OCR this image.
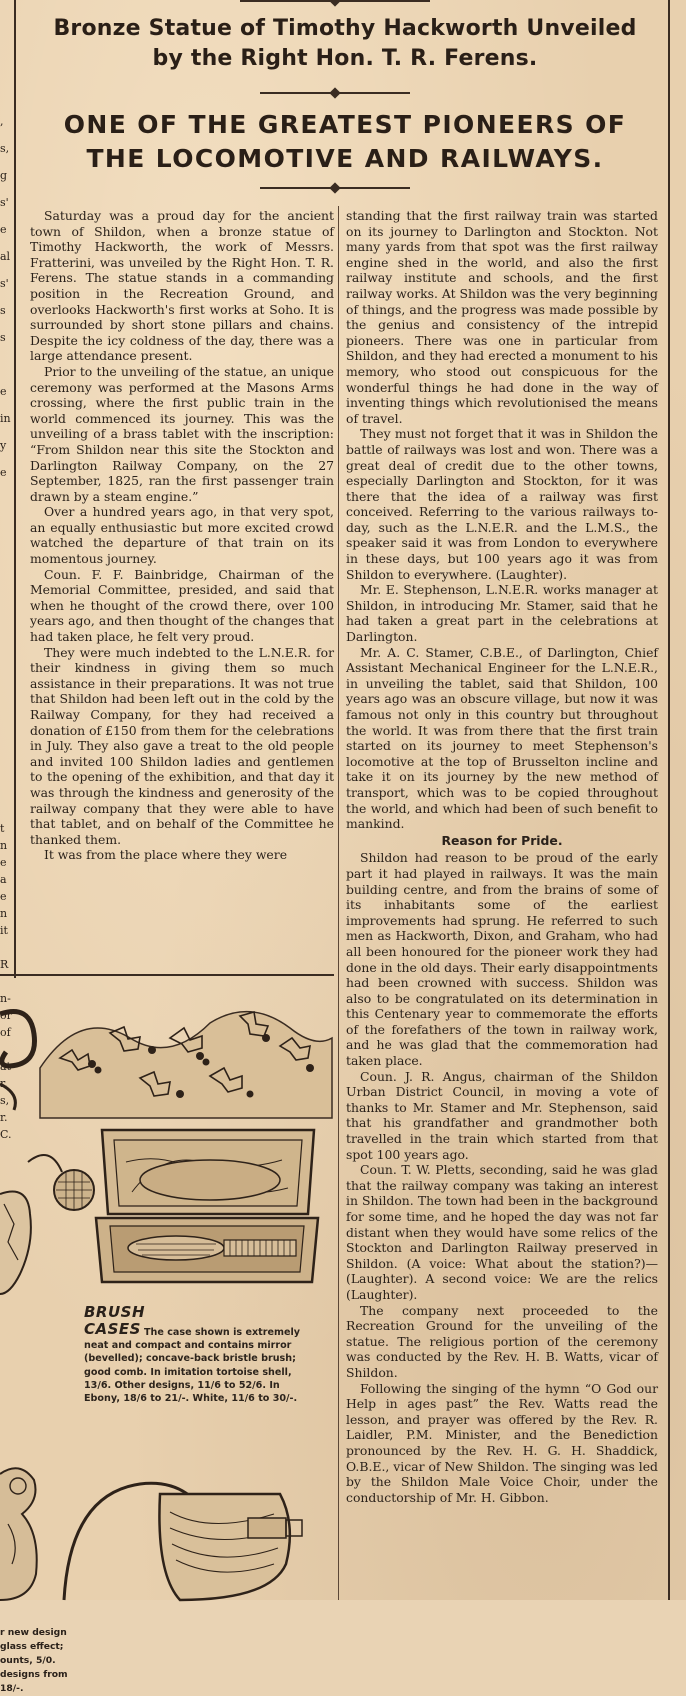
Bronze Statue of Timothy Hackworth Unveiled
by the Right Hon. T. R. Ferens.
ONE OF THE GREATEST PIONEERS OF
THE LOCOMOTIVE AND RAILWAYS.
,
s,
g
s'
e
al
s'
s
s

e
in
y
e
t
n
e
a
e
n
it

R

n-
or
of

at
r,
s,
r.
C.

Saturday was a proud day for the ancient town of Shildon, when a bronze statue of Timothy Hackworth, the work of Messrs. Fratterini, was unveiled by the Right Hon. T. R. Ferens. The statue stands in a commanding position in the Recreation Ground, and overlooks Hackworth's first works at Soho. It is surrounded by short stone pillars and chains. Despite the icy coldness of the day, there was a large attendance present.

Prior to the unveiling of the statue, an unique ceremony was performed at the Masons Arms crossing, where the first public train in the world commenced its journey. This was the unveiling of a brass tablet with the inscription: “From Shildon near this site the Stockton and Darlington Railway Company, on the 27 September, 1825, ran the first passenger train drawn by a steam engine.”

Over a hundred years ago, in that very spot, an equally enthusiastic but more excited crowd watched the departure of that train on its momentous journey.

Coun. F. F. Bainbridge, Chairman of the Memorial Committee, presided, and said that when he thought of the crowd there, over 100 years ago, and then thought of the changes that had taken place, he felt very proud.

They were much indebted to the L.N.E.R. for their kindness in giving them so much assistance in their preparations. It was not true that Shildon had been left out in the cold by the Railway Company, for they had received a donation of £150 from them for the celebrations in July. They also gave a treat to the old people and invited 100 Shildon ladies and gentlemen to the opening of the exhibition, and that day it was through the kindness and generosity of the railway company that they were able to have that tablet, and on behalf of the Committee he thanked them.

It was from the place where they were

standing that the first railway train was started on its journey to Darlington and Stockton. Not many yards from that spot was the first railway engine shed in the world, and also the first railway institute and schools, and the first railway works. At Shildon was the very beginning of things, and the progress was made possible by the genius and consistency of the intrepid pioneers. There was one in particular from Shildon, and they had erected a monument to his memory, who stood out conspicuous for the wonderful things he had done in the way of inventing things which revolutionised the means of travel.

They must not forget that it was in Shildon the battle of railways was lost and won. There was a great deal of credit due to the other towns, especially Darlington and Stockton, for it was there that the idea of a railway was first conceived. Referring to the various railways to-day, such as the L.N.E.R. and the L.M.S., the speaker said it was from London to everywhere in these days, but 100 years ago it was from Shildon to everywhere. (Laughter).

Mr. E. Stephenson, L.N.E.R. works manager at Shildon, in introducing Mr. Stamer, said that he had taken a great part in the celebrations at Darlington.

Mr. A. C. Stamer, C.B.E., of Darlington, Chief Assistant Mechanical Engineer for the L.N.E.R., in unveiling the tablet, said that Shildon, 100 years ago was an obscure village, but now it was famous not only in this country but throughout the world. It was from there that the first train started on its journey to meet Stephenson's locomotive at the top of Brusselton incline and take it on its journey by the new method of transport, which was to be copied throughout the world, and which had been of such benefit to mankind.

Reason for Pride.

Shildon had reason to be proud of the early part it had played in railways. It was the main building centre, and from the brains of some of its inhabitants some of the earliest improvements had sprung. He referred to such men as Hackworth, Dixon, and Graham, who had all been honoured for the pioneer work they had done in the old days. Their early disappointments had been crowned with success. Shildon was also to be congratulated on its determination in this Centenary year to commemorate the efforts of the forefathers of the town in railway work, and he was glad that the commemoration had taken place.

Coun. J. R. Angus, chairman of the Shildon Urban District Council, in moving a vote of thanks to Mr. Stamer and Mr. Stephenson, said that his grandfather and grandmother both travelled in the train which started from that spot 100 years ago.

Coun. T. W. Pletts, seconding, said he was glad that the railway company was taking an interest in Shildon. The town had been in the background for some time, and he hoped the day was not far distant when they would have some relics of the Stockton and Darlington Railway preserved in Shildon. (A voice: What about the station?)—(Laughter). A second voice: We are the relics (Laughter).

The company next proceeded to the Recreation Ground for the unveiling of the statue. The religious portion of the ceremony was conducted by the Rev. H. B. Watts, vicar of Shildon.

Following the singing of the hymn “O God our Help in ages past” the Rev. Watts read the lesson, and prayer was offered by the Rev. R. Laidler, P.M. Minister, and the Benediction pronounced by the Rev. H. G. H. Shaddick, O.B.E., vicar of New Shildon. The singing was led by the Shildon Male Voice Choir, under the conductorship of Mr. H. Gibbon.

BRUSH
CASES The case shown is extremely neat and compact and contains mirror (bevelled); concave-back bristle brush; good comb. In imitation tortoise shell, 13/6. Other designs, 11/6 to 52/6. In Ebony, 18/6 to 21/-. White, 11/6 to 30/-.
r new design
glass effect;
ounts, 5/0.
designs from
18/-.
